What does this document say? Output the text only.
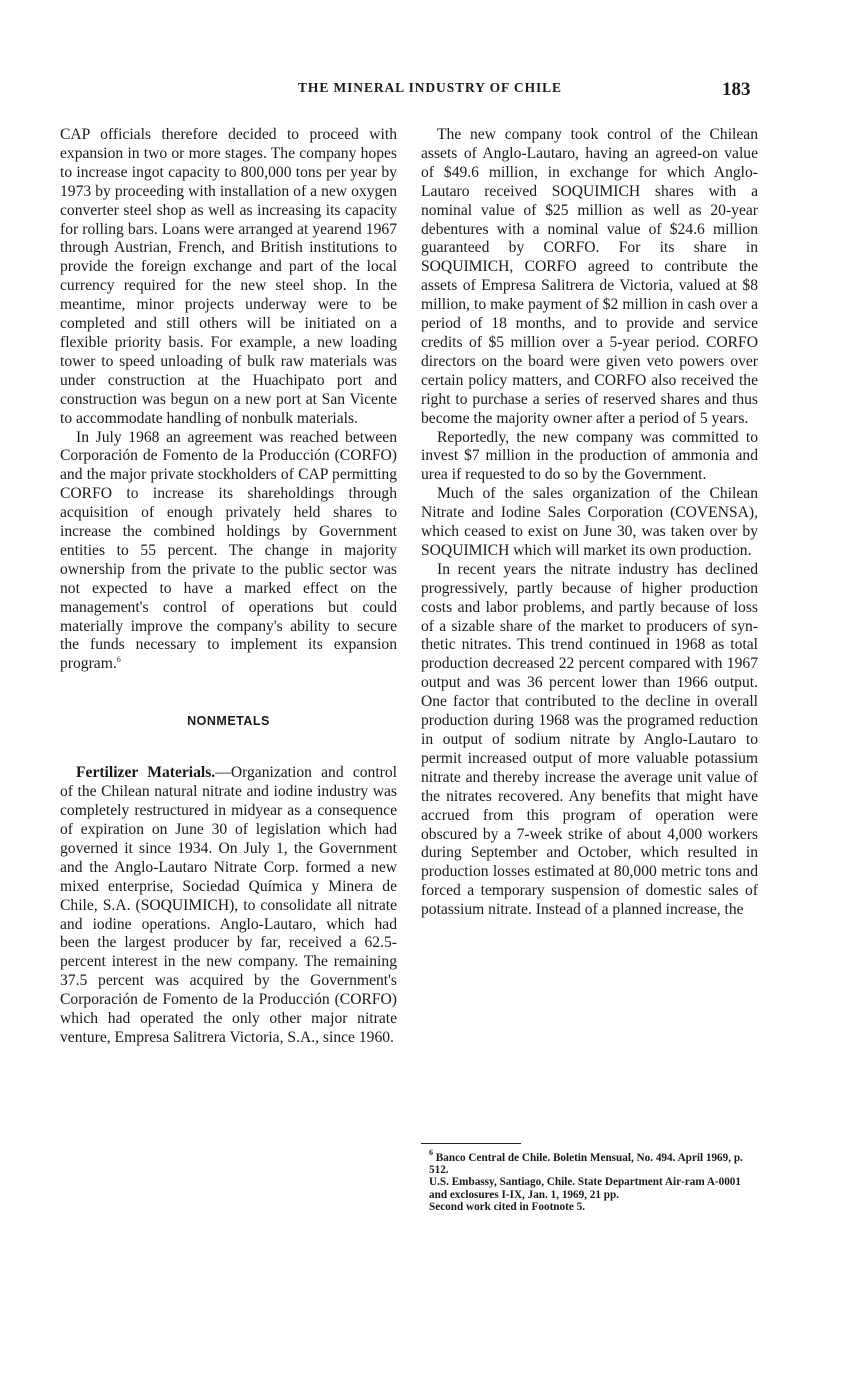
THE MINERAL INDUSTRY OF CHILE	183

CAP officials therefore decided to proceed with expansion in two or more stages. The company hopes to increase ingot capacity to 800,000 tons per year by 1973 by proceeding with installation of a new oxygen converter steel shop as well as increasing its capacity for rolling bars. Loans were arranged at yearend 1967 through Austrian, French, and British institutions to provide the foreign exchange and part of the local currency required for the new steel shop. In the meantime, minor projects underway were to be completed and still others will be initiated on a flexible priority basis. For example, a new loading tower to speed unloading of bulk raw materials was under construction at the Huachipato port and construction was begun on a new port at San Vicente to accommodate handling of nonbulk materials.

In July 1968 an agreement was reached between Corporación de Fomento de la Producción (CORFO) and the major private stockholders of CAP permitting CORFO to increase its shareholdings through acquisition of enough privately held shares to increase the combined holdings by Government entities to 55 percent. The change in majority ownership from the private to the public sector was not expected to have a marked effect on the management's control of operations but could materially improve the company's ability to secure the funds necessary to implement its expansion program.$^6$

NONMETALS

Fertilizer Materials.—Organization and control of the Chilean natural nitrate and iodine industry was completely restructured in midyear as a consequence of expiration on June 30 of legislation which had governed it since 1934. On July 1, the Government and the Anglo-Lautaro Nitrate Corp. formed a new mixed enterprise, Sociedad Química y Minera de Chile, S.A. (SOQUIMICH), to consolidate all nitrate and iodine operations. Anglo-Lautaro, which had been the largest producer by far, received a 62.5-percent interest in the new company. The remaining 37.5 percent was acquired by the Government's Corporación de Fomento de la Producción (CORFO) which had operated the only other major nitrate venture, Empresa Salitrera Victoria, S.A., since 1960.

The new company took control of the Chilean assets of Anglo-Lautaro, having an agreed-on value of $49.6 million, in exchange for which Anglo-Lautaro received SOQUIMICH shares with a nominal value of $25 million as well as 20-year debentures with a nominal value of $24.6 million guaranteed by CORFO. For its share in SOQUIMICH, CORFO agreed to contribute the assets of Empresa Salitrera de Victoria, valued at $8 million, to make payment of $2 million in cash over a period of 18 months, and to provide and service credits of $5 million over a 5-year period. CORFO directors on the board were given veto powers over certain policy matters, and CORFO also received the right to purchase a series of reserved shares and thus become the majority owner after a period of 5 years.

Reportedly, the new company was committed to invest $7 million in the production of ammonia and urea if requested to do so by the Government.

Much of the sales organization of the Chilean Nitrate and Iodine Sales Corporation (COVENSA), which ceased to exist on June 30, was taken over by SOQUIMICH which will market its own production.

In recent years the nitrate industry has declined progressively, partly because of higher production costs and labor problems, and partly because of loss of a sizable share of the market to producers of synthetic nitrates. This trend continued in 1968 as total production decreased 22 percent compared with 1967 output and was 36 percent lower than 1966 output. One factor that contributed to the decline in overall production during 1968 was the programed reduction in output of sodium nitrate by Anglo-Lautaro to permit increased output of more valuable potassium nitrate and thereby increase the average unit value of the nitrates recovered. Any benefits that might have accrued from this program of operation were obscured by a 7-week strike of about 4,000 workers during September and October, which resulted in production losses estimated at 80,000 metric tons and forced a temporary suspension of domestic sales of potassium nitrate. Instead of a planned increase, the

$^6$ Banco Central de Chile. Boletin Mensual, No. 494. April 1969, p. 512.

U.S. Embassy, Santiago, Chile. State Department Air‐ram A-0001 and exclosures I-IX, Jan. 1, 1969, 21 pp.

Second work cited in Footnote 5.
